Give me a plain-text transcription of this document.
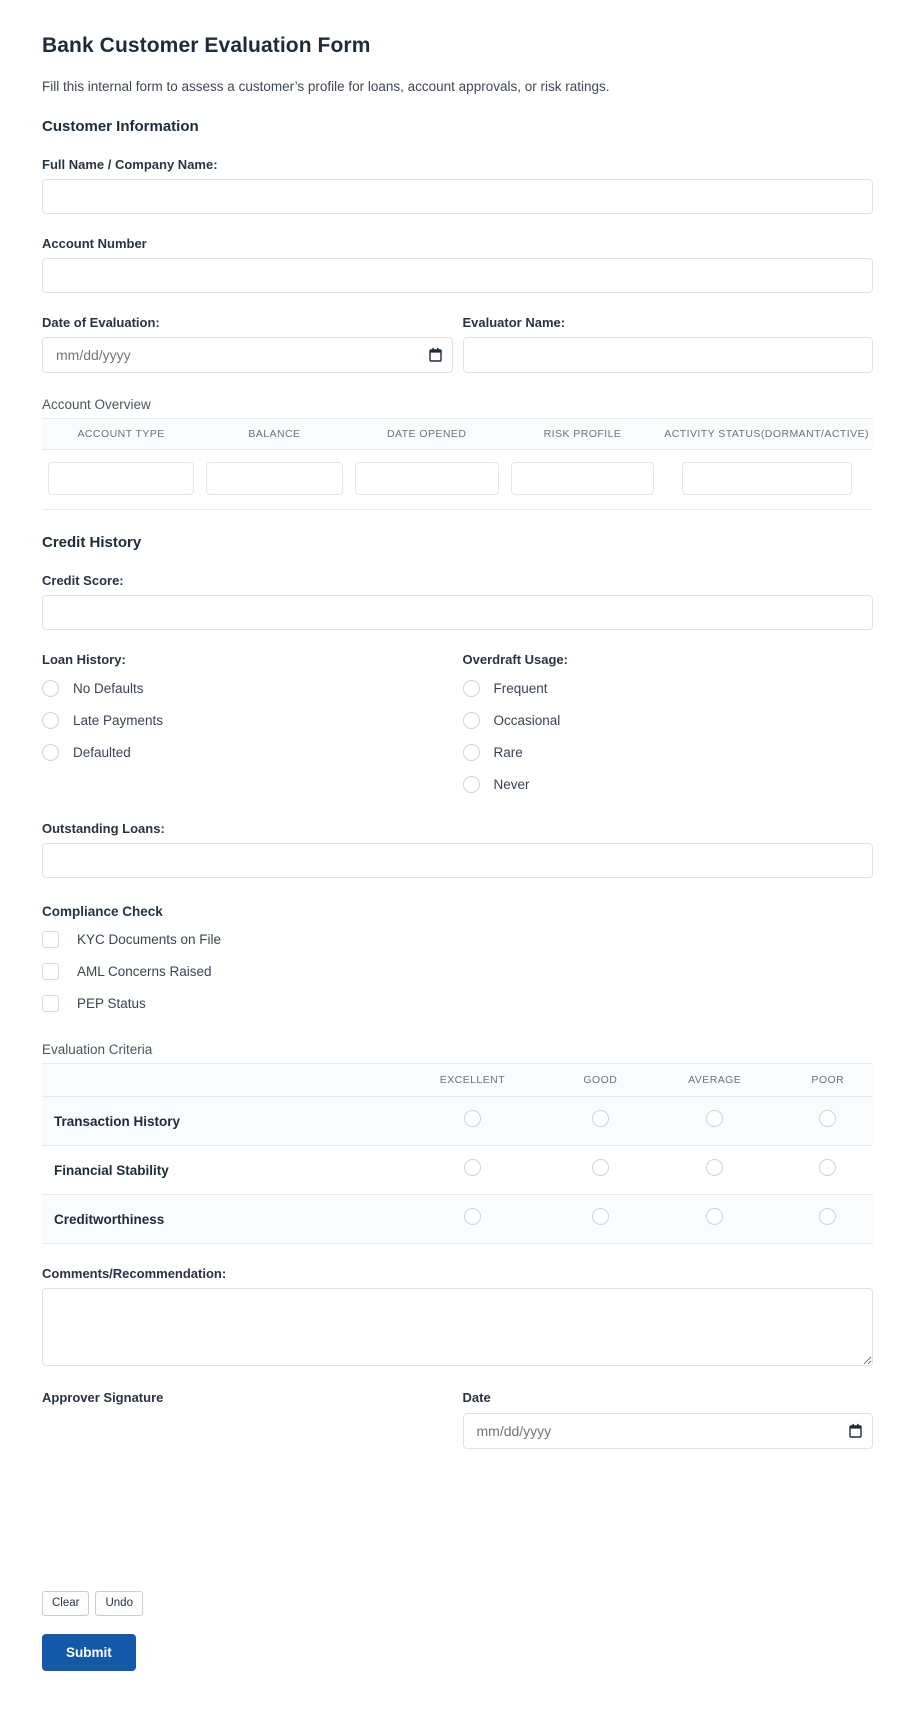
Bank Customer Evaluation Form

Fill this internal form to assess a customer’s profile for loans, account approvals, or risk ratings.

Customer Information
Full Name / Company Name:
Account Number
Date of Evaluation:
mm/dd/yyyy	Evaluator Name:
Account Overview
ACCOUNT TYPE	BALANCE	DATE OPENED	RISK PROFILE	ACTIVITY STATUS(DORMANT/ACTIVE)

Credit History
Credit Score:
Loan History:
No Defaults
Late Payments
Defaulted
Overdraft Usage:
Frequent
Occasional
Rare
Never
Outstanding Loans:
Compliance Check
KYC Documents on File
AML Concerns Raised
PEP Status
Evaluation Criteria
	EXCELLENT	GOOD	AVERAGE	POOR
Transaction History				
Financial Stability				
Creditworthiness				
Comments/Recommendation:
Approver Signature	Date
mm/dd/yyyy
Clear	Undo
Submit
